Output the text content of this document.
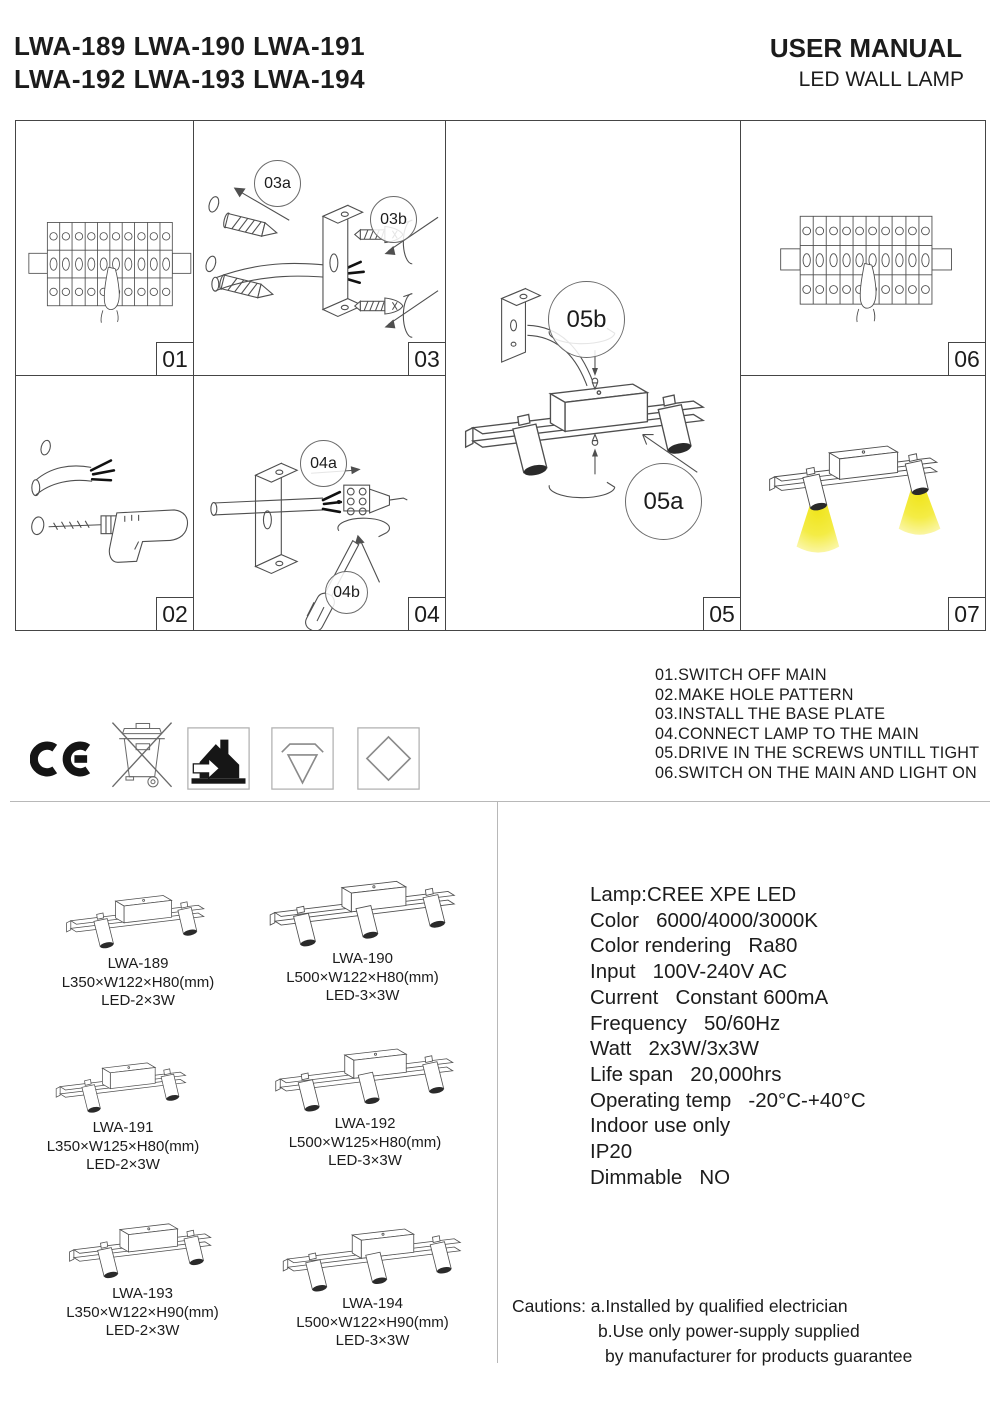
LWA-189 LWA-190 LWA-191
LWA-192 LWA-193 LWA-194
USER MANUAL
LED WALL LAMP
01
03a
03b
03
05b
05a
05
06
02
04a
04b
04	07
01.SWITCH OFF MAIN
02.MAKE HOLE PATTERN
03.INSTALL THE BASE PLATE
04.CONNECT LAMP TO THE MAIN
05.DRIVE IN THE SCREWS UNTILL TIGHT
06.SWITCH ON THE MAIN AND LIGHT ON
LWA-189
L350×W122×H80(mm)
LED-2×3W
LWA-190
L500×W122×H80(mm)
LED-3×3W
LWA-191
L350×W125×H80(mm)
LED-2×3W
LWA-192
L500×W125×H80(mm)
LED-3×3W
LWA-193
L350×W122×H90(mm)
LED-2×3W
LWA-194
L500×W122×H90(mm)
LED-3×3W
Lamp:CREE XPE LED
Color   6000/4000/3000K
Color rendering   Ra80
Input   100V-240V AC
Current   Constant 600mA
Frequency   50/60Hz
Watt   2x3W/3x3W
Life span   20,000hrs
Operating temp   -20°C-+40°C
Indoor use only
IP20
Dimmable   NO
Cautions: a.Installed by qualified electrician
b.Use only power-supply supplied
by manufacturer for products guarantee
